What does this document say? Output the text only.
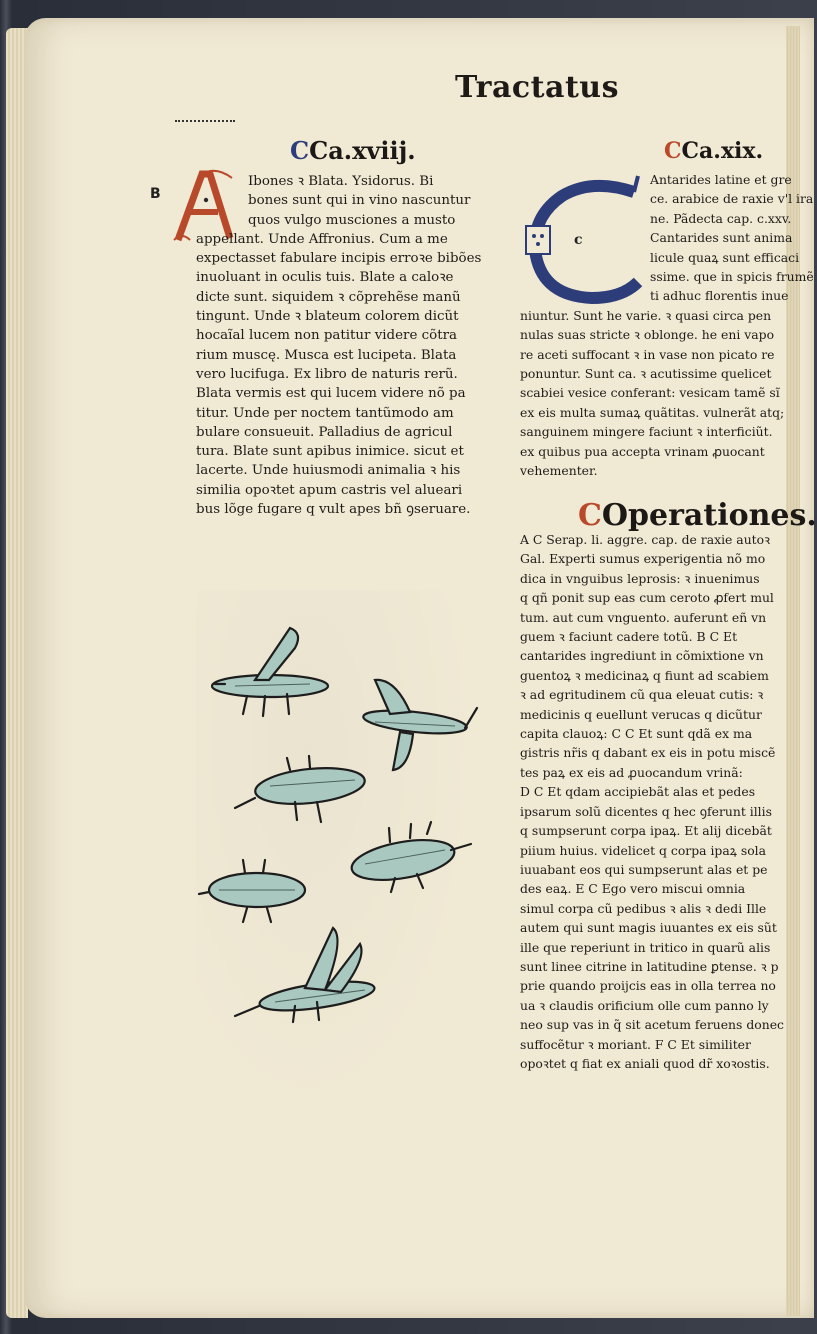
Tractatus
CCa.xviij.
B

Ibones ꝛ Blata. Ysidorus. Bi

bones sunt qui in vino nascuntur

quos vulgo musciones a musto

appellant. Unde Affronius. Cum a me

expectasset fabulare incipis erroꝛe bibões

inuoluant in oculis tuis. Blate a caloꝛe

dicte sunt. siquidem ꝛ cõprehẽse manũ

tingunt. Unde ꝛ blateum colorem dicũt

hocaĩal lucem non patitur videre cõtra

rium muscę. Musca est lucipeta. Blata

vero lucifuga. Ex libro de naturis rerũ.

Blata vermis est qui lucem videre nõ pa

titur. Unde per noctem tantũmodo am

bulare consueuit. Palladius de agricul

tura. Blate sunt apibus inimice. sicut et

lacerte. Unde huiusmodi animalia ꝛ his

similia opoꝛtet apum castris vel alueari

bus lõge fugare q vult apes bñ ꝯseruare.

CCa.xix.
c

Antarides latine et gre

ce. arabice de raxie v'l ira

ne. Pãdecta cap. c.xxv.

Cantarides sunt anima

licule quaꝝ sunt efficaci

ssime. que in spicis frumẽ

ti adhuc florentis inue

niuntur. Sunt he varie. ꝛ quasi circa pen

nulas suas stricte ꝛ oblonge. he eni vapo

re aceti suffocant ꝛ in vase non picato re

ponuntur. Sunt ca. ꝛ acutissime quelicet

scabiei vesice conferant: vesicam tamẽ sĩ

ex eis multa sumaꝝ quãtitas. vulnerãt atq;

sanguinem mingere faciunt ꝛ interficiũt.

ex quibus pua accepta vrinam ꝓuocant

vehementer.

COperationes.

A C Serap. li. aggre. cap. de raxie autoꝛ

Gal. Experti sumus experigentia nõ mo

dica in vnguibus leprosis: ꝛ inuenimus

q qñ ponit sup eas cum ceroto ꝓfert mul

tum. aut cum vnguento. auferunt eñ vn

guem ꝛ faciunt cadere totũ. B C Et

cantarides ingrediunt in cõmixtione vn

guentoꝝ ꝛ medicinaꝝ q fiunt ad scabiem

ꝛ ad egritudinem cũ qua eleuat cutis: ꝛ

medicinis q euellunt verucas q dicũtur

capita clauoꝝ: C C Et sunt qdã ex ma

gistris nr̃is q dabant ex eis in potu miscẽ

tes paꝝ ex eis ad ꝓuocandum vrinã:

D C Et qdam accipiebãt alas et pedes

ipsarum solũ dicentes q hec ꝯferunt illis

q sumpserunt corpa ipaꝝ. Et alij dicebãt

piium huius. videlicet q corpa ipaꝝ sola

iuuabant eos qui sumpserunt alas et pe

des eaꝝ. E C Ego vero miscui omnia

simul corpa cũ pedibus ꝛ alis ꝛ dedi Ille

autem qui sunt magis iuuantes ex eis sũt

ille que reperiunt in tritico in quarũ alis

sunt linee citrine in latitudine ꝑtense. ꝛ p

prie quando proijcis eas in olla terrea no

ua ꝛ claudis orificium olle cum panno ly

neo sup vas in q̃ sit acetum feruens donec

suffocẽtur ꝛ moriant. F C Et similiter

opoꝛtet q fiat ex aniali quod dr̃ xoꝛostis.
